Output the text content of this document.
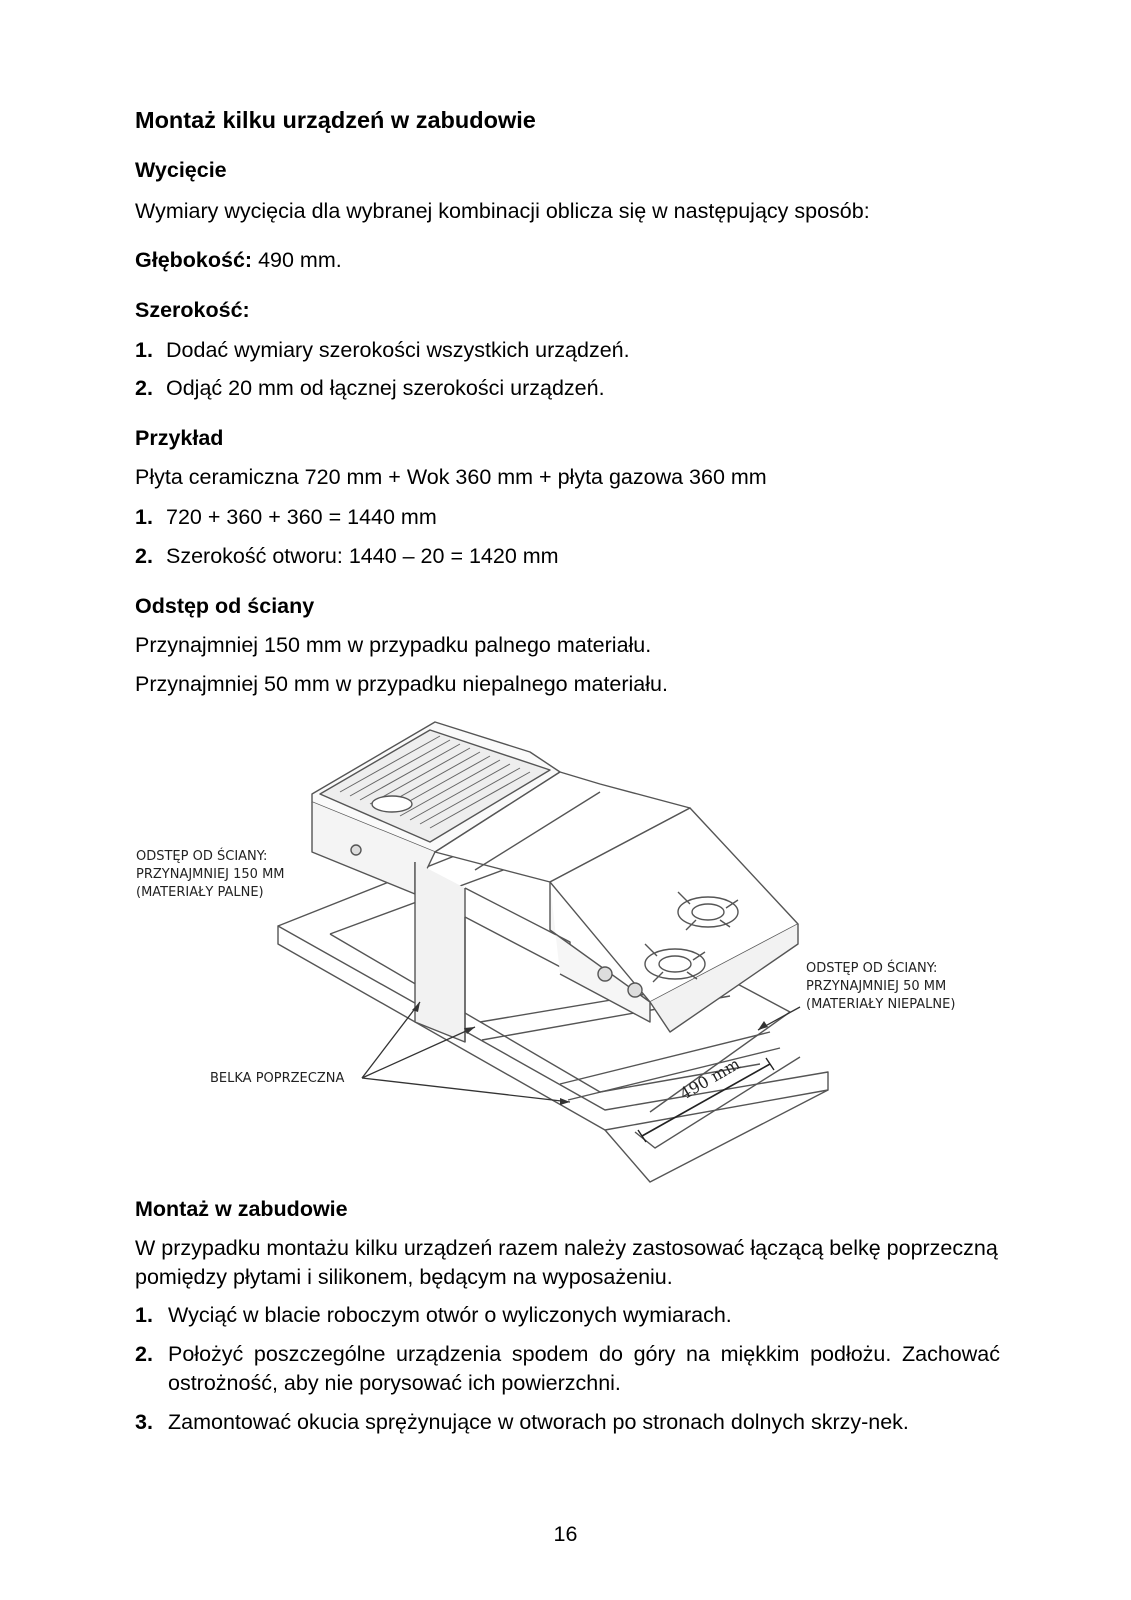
Montaż kilku urządzeń w zabudowie
Wycięcie
Wymiary wycięcia dla wybranej kombinacji oblicza się w następujący sposób:
Głębokość: 490 mm.
Szerokość:
1. Dodać wymiary szerokości wszystkich urządzeń.
2. Odjąć 20 mm od łącznej szerokości urządzeń.
Przykład
Płyta ceramiczna 720 mm + Wok 360 mm + płyta gazowa 360 mm
1. 720 + 360 + 360 = 1440 mm
2. Szerokość otworu: 1440 – 20 = 1420 mm
Odstęp od ściany
Przynajmniej 150 mm w przypadku palnego materiału.
Przynajmniej 50 mm w przypadku niepalnego materiału.
ODSTĘP OD ŚCIANY:
PRZYNAJMNIEJ 150 MM
(MATERIAŁY PALNE)
ODSTĘP OD ŚCIANY:
PRZYNAJMNIEJ 50 MM
(MATERIAŁY NIEPALNE)
BELKA POPRZECZNA	490 mm
Montaż w zabudowie
W przypadku montażu kilku urządzeń razem należy zastosować łączącą belkę poprzeczną pomiędzy płytami i silikonem, będącym na wyposażeniu.
1. Wyciąć w blacie roboczym otwór o wyliczonych wymiarach.
2. Położyć poszczególne urządzenia spodem do góry na miękkim podłożu. Zachować ostrożność, aby nie porysować ich powierzchni.
3. Zamontować okucia sprężynujące w otworach po stronach dolnych skrzy-nek.
16
